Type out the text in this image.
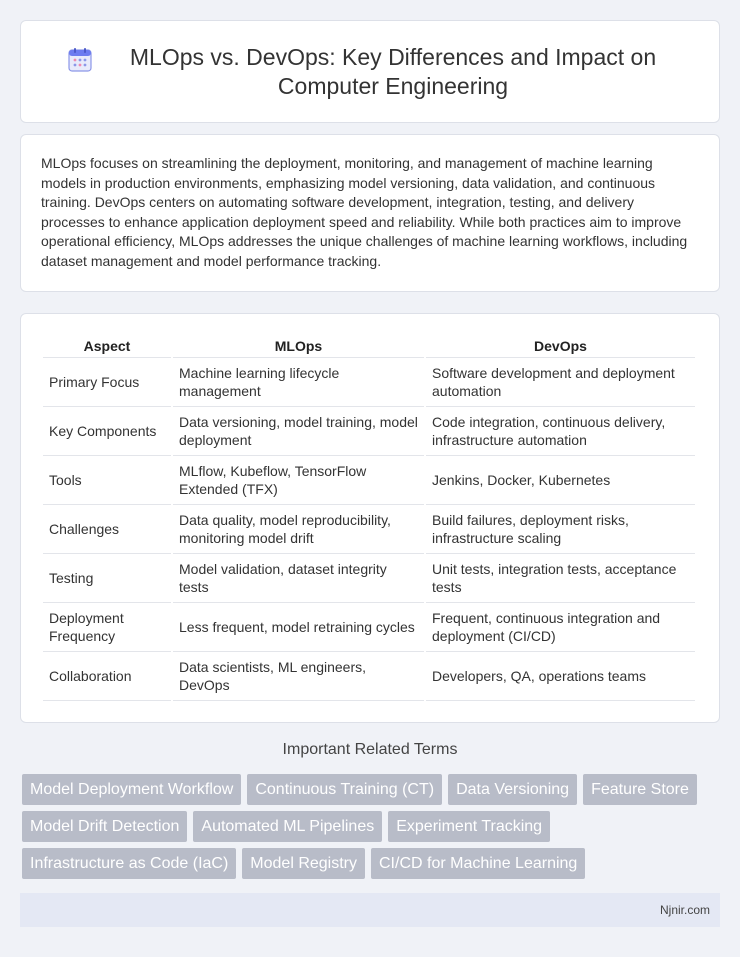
MLOps vs. DevOps: Key Differences and Impact on Computer Engineering

MLOps focuses on streamlining the deployment, monitoring, and management of machine learning models in production environments, emphasizing model versioning, data validation, and continuous training. DevOps centers on automating software development, integration, testing, and delivery processes to enhance application deployment speed and reliability. While both practices aim to improve operational efficiency, MLOps addresses the unique challenges of machine learning workflows, including dataset management and model performance tracking.

Aspect	MLOps	DevOps
Primary Focus	Machine learning lifecycle management	Software development and deployment automation
Key Components	Data versioning, model training, model deployment	Code integration, continuous delivery, infrastructure automation
Tools	MLflow, Kubeflow, TensorFlow Extended (TFX)	Jenkins, Docker, Kubernetes
Challenges	Data quality, model reproducibility, monitoring model drift	Build failures, deployment risks, infrastructure scaling
Testing	Model validation, dataset integrity tests	Unit tests, integration tests, acceptance tests
Deployment Frequency	Less frequent, model retraining cycles	Frequent, continuous integration and deployment (CI/CD)
Collaboration	Data scientists, ML engineers, DevOps	Developers, QA, operations teams
Important Related Terms
Model Deployment Workflow	Continuous Training (CT)	Data Versioning	Feature Store
Model Drift Detection	Automated ML Pipelines	Experiment Tracking
Infrastructure as Code (IaC)	Model Registry	CI/CD for Machine Learning
Njnir.com
